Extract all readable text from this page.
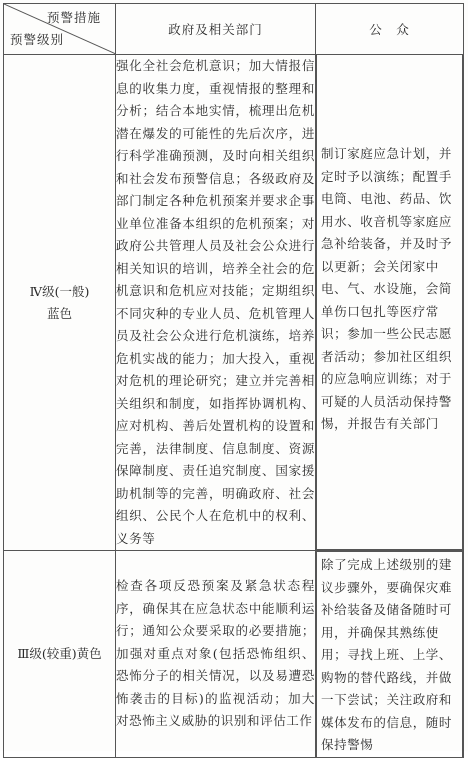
预警措施
预警级别	政府及相关部门	公　众

Ⅳ级(一般)
蓝色	强化全社会危机意识；加大情报信息的收集力度，重视情报的整理和分析；结合本地实情，梳理出危机潜在爆发的可能性的先后次序，进行科学准确预测，及时向相关组织和社会发布预警信息；各级政府及部门制定各种危机预案并要求企事业单位准备本组织的危机预案；对政府公共管理人员及社会公众进行相关知识的培训，培养全社会的危机意识和危机应对技能；定期组织不同灾种的专业人员、危机管理人员及社会公众进行危机演练，培养危机实战的能力；加大投入，重视对危机的理论研究；建立并完善相关组织和制度，如指挥协调机构、应对机构、善后处置机构的设置和完善，法律制度、信息制度、资源保障制度、责任追究制度、国家援助机制等的完善，明确政府、社会组织、公民个人在危机中的权利、义务等	制订家庭应急计划，并定时予以演练；配置手电筒、电池、药品、饮用水、收音机等家庭应急补给装备，并及时予以更新；会关闭家中电、气、水设施，会简单伤口包扎等医疗常识；参加一些公民志愿者活动；参加社区组织的应急响应训练；对于可疑的人员活动保持警惕，并报告有关部门

Ⅲ级(较重)黄色	检查各项反恐预案及紧急状态程序，确保其在应急状态中能顺利运行；通知公众要采取的必要措施；加强对重点对象(包括恐怖组织、恐怖分子的相关情况，以及易遭恐怖袭击的目标)的监视活动；加大对恐怖主义威胁的识别和评估工作	除了完成上述级别的建议步骤外，要确保灾难补给装备及储备随时可用，并确保其熟练使用；寻找上班、上学、购物的替代路线，并做一下尝试；关注政府和媒体发布的信息，随时保持警惕
